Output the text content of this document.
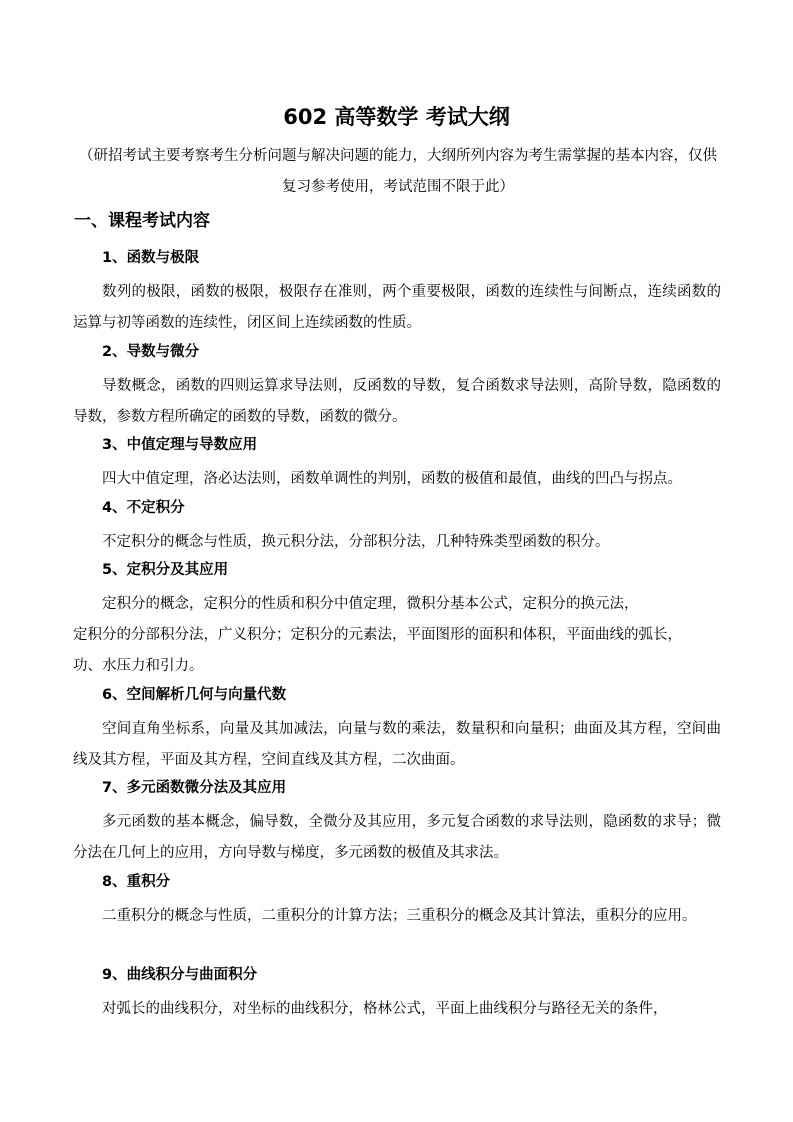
602 高等数学 考试大纲

（研招考试主要考察考生分析问题与解决问题的能力，大纲所列内容为考生需掌握的基本内容，仅供复习参考使用，考试范围不限于此）

一、课程考试内容
1、函数与极限

数列的极限，函数的极限，极限存在准则，两个重要极限，函数的连续性与间断点，连续函数的运算与初等函数的连续性，闭区间上连续函数的性质。

2、导数与微分

导数概念，函数的四则运算求导法则，反函数的导数，复合函数求导法则，高阶导数，隐函数的导数，参数方程所确定的函数的导数，函数的微分。

3、中值定理与导数应用

四大中值定理，洛必达法则，函数单调性的判别，函数的极值和最值，曲线的凹凸与拐点。

4、不定积分

不定积分的概念与性质，换元积分法，分部积分法，几种特殊类型函数的积分。

5、定积分及其应用

定积分的概念，定积分的性质和积分中值定理，微积分基本公式，定积分的换元法，
定积分的分部积分法，广义积分；定积分的元素法，平面图形的面积和体积，平面曲线的弧长，
功、水压力和引力。

6、空间解析几何与向量代数

空间直角坐标系，向量及其加减法，向量与数的乘法，数量积和向量积；曲面及其方程，空间曲线及其方程，平面及其方程，空间直线及其方程，二次曲面。

7、多元函数微分法及其应用

多元函数的基本概念，偏导数，全微分及其应用，多元复合函数的求导法则，隐函数的求导；微分法在几何上的应用，方向导数与梯度，多元函数的极值及其求法。

8、重积分

二重积分的概念与性质，二重积分的计算方法；三重积分的概念及其计算法，重积分的应用。

9、曲线积分与曲面积分

对弧长的曲线积分，对坐标的曲线积分，格林公式，平面上曲线积分与路径无关的条件，
